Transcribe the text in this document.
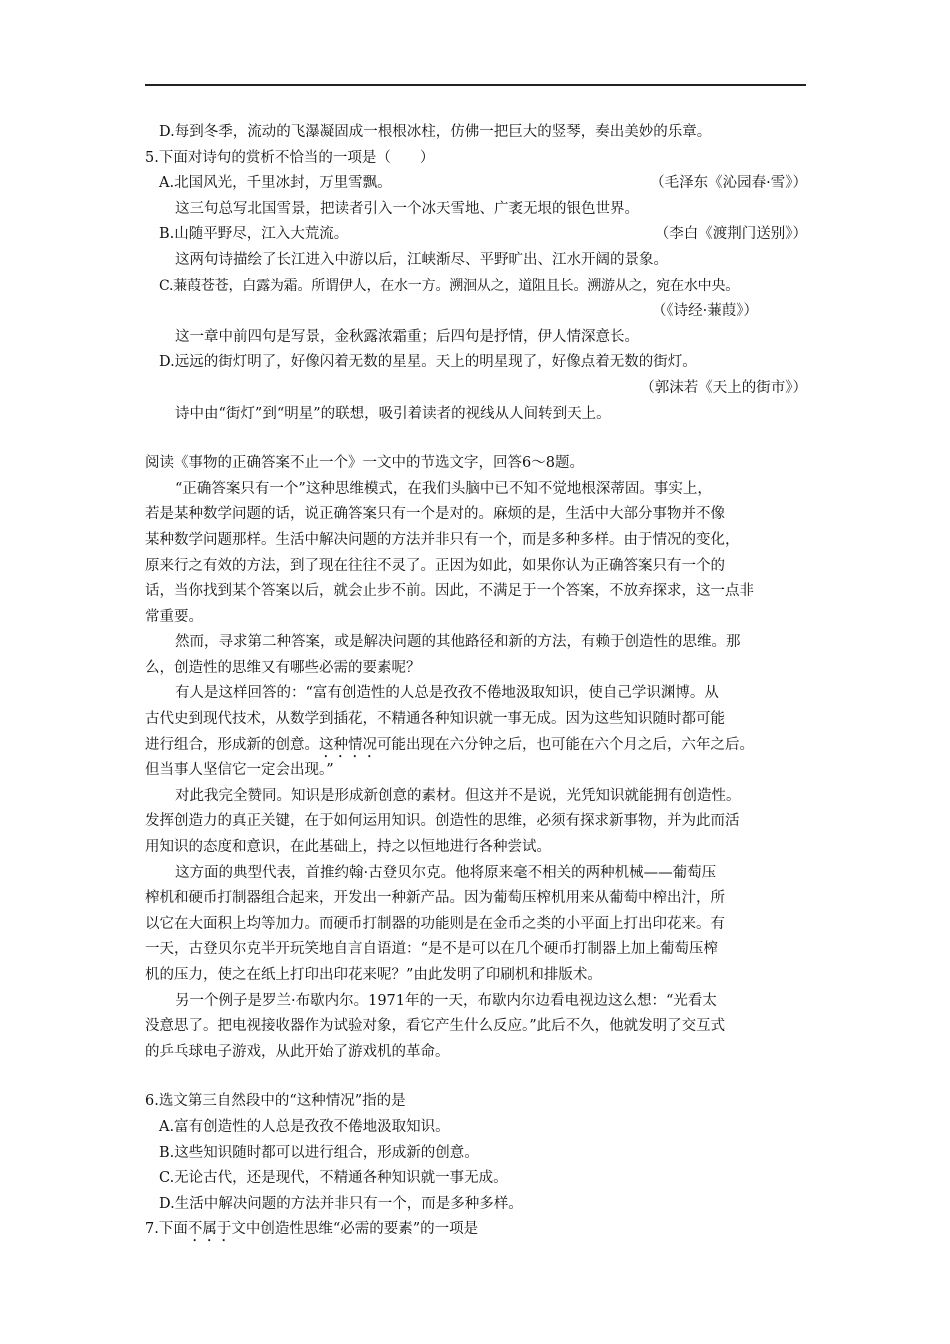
D.每到冬季，流动的飞瀑凝固成一根根冰柱，仿佛一把巨大的竖琴，奏出美妙的乐章。
5.下面对诗句的赏析不恰当的一项是（　　）
A.北国风光，千里冰封，万里雪飘。	（毛泽东《沁园春·雪》）
这三句总写北国雪景，把读者引入一个冰天雪地、广袤无垠的银色世界。
B.山随平野尽，江入大荒流。	（李白《渡荆门送别》）
这两句诗描绘了长江进入中游以后，江峡渐尽、平野旷出、江水开阔的景象。
C.蒹葭苍苍，白露为霜。所谓伊人，在水一方。溯洄从之，道阻且长。溯游从之，宛在水中央。
（《诗经·蒹葭》）
这一章中前四句是写景，金秋露浓霜重；后四句是抒情，伊人情深意长。
D.远远的街灯明了，好像闪着无数的星星。天上的明星现了，好像点着无数的街灯。
（郭沫若《天上的街市》）
诗中由“街灯”到“明星”的联想，吸引着读者的视线从人间转到天上。
阅读《事物的正确答案不止一个》一文中的节选文字，回答6～8题。
“正确答案只有一个”这种思维模式，在我们头脑中已不知不觉地根深蒂固。事实上，
若是某种数学问题的话，说正确答案只有一个是对的。麻烦的是，生活中大部分事物并不像
某种数学问题那样。生活中解决问题的方法并非只有一个，而是多种多样。由于情况的变化，
原来行之有效的方法，到了现在往往不灵了。正因为如此，如果你认为正确答案只有一个的
话，当你找到某个答案以后，就会止步不前。因此，不满足于一个答案，不放弃探求，这一点非
常重要。
然而，寻求第二种答案，或是解决问题的其他路径和新的方法，有赖于创造性的思维。那
么，创造性的思维又有哪些必需的要素呢？
有人是这样回答的：“富有创造性的人总是孜孜不倦地汲取知识，使自己学识渊博。从
古代史到现代技术，从数学到插花，不精通各种知识就一事无成。因为这些知识随时都可能
进行组合，形成新的创意。这种情况可能出现在六分钟之后，也可能在六个月之后，六年之后。
但当事人坚信它一定会出现。”
对此我完全赞同。知识是形成新创意的素材。但这并不是说，光凭知识就能拥有创造性。
发挥创造力的真正关键，在于如何运用知识。创造性的思维，必须有探求新事物，并为此而活
用知识的态度和意识，在此基础上，持之以恒地进行各种尝试。
这方面的典型代表，首推约翰·古登贝尔克。他将原来毫不相关的两种机械——葡萄压
榨机和硬币打制器组合起来，开发出一种新产品。因为葡萄压榨机用来从葡萄中榨出汁，所
以它在大面积上均等加力。而硬币打制器的功能则是在金币之类的小平面上打出印花来。有
一天，古登贝尔克半开玩笑地自言自语道：“是不是可以在几个硬币打制器上加上葡萄压榨
机的压力，使之在纸上打印出印花来呢？”由此发明了印刷机和排版术。
另一个例子是罗兰·布歇内尔。1971年的一天，布歇内尔边看电视边这么想：“光看太
没意思了。把电视接收器作为试验对象，看它产生什么反应。”此后不久，他就发明了交互式
的乒乓球电子游戏，从此开始了游戏机的革命。
6.选文第三自然段中的“这种情况”指的是
A.富有创造性的人总是孜孜不倦地汲取知识。
B.这些知识随时都可以进行组合，形成新的创意。
C.无论古代，还是现代，不精通各种知识就一事无成。
D.生活中解决问题的方法并非只有一个，而是多种多样。
7.下面不属于文中创造性思维“必需的要素”的一项是
